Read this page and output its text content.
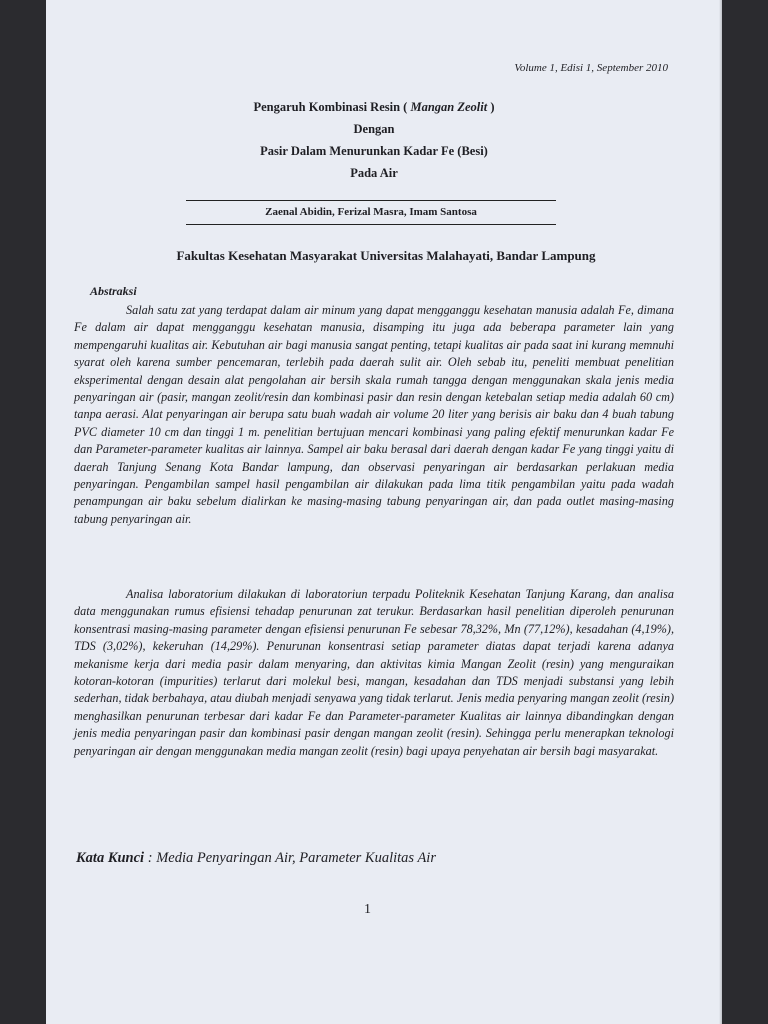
Volume 1, Edisi 1, September 2010
Pengaruh Kombinasi Resin ( Mangan Zeolit )
Dengan
Pasir Dalam Menurunkan Kadar Fe (Besi)
Pada Air
Zaenal Abidin, Ferizal Masra, Imam Santosa
Fakultas Kesehatan Masyarakat Universitas Malahayati, Bandar Lampung
Abstraksi
Salah satu zat yang terdapat dalam air minum yang dapat mengganggu kesehatan manusia adalah Fe, dimana Fe dalam air dapat mengganggu kesehatan manusia, disamping itu juga ada beberapa parameter lain yang mempengaruhi kualitas air. Kebutuhan air bagi manusia sangat penting, tetapi kualitas air pada saat ini kurang memnuhi syarat oleh karena sumber pencemaran, terlebih pada daerah sulit air. Oleh sebab itu, peneliti membuat penelitian eksperimental dengan desain alat pengolahan air bersih skala rumah tangga dengan menggunakan skala jenis media penyaringan air (pasir, mangan zeolit/resin dan kombinasi pasir dan resin dengan ketebalan setiap media adalah 60 cm) tanpa aerasi. Alat penyaringan air berupa satu buah wadah air volume 20 liter yang berisis air baku dan 4 buah tabung PVC diameter 10 cm dan tinggi 1 m. penelitian bertujuan mencari kombinasi yang paling efektif menurunkan kadar Fe dan Parameter-parameter kualitas air lainnya. Sampel air baku berasal dari daerah dengan kadar Fe yang tinggi yaitu di daerah Tanjung Senang Kota Bandar lampung, dan observasi penyaringan air berdasarkan perlakuan media penyaringan. Pengambilan sampel hasil pengambilan air dilakukan pada lima titik pengambilan yaitu pada wadah penampungan air baku sebelum dialirkan ke masing-masing tabung penyaringan air, dan pada outlet masing-masing tabung penyaringan air.
Analisa laboratorium dilakukan di laboratoriun terpadu Politeknik Kesehatan Tanjung Karang, dan analisa data menggunakan rumus efisiensi tehadap penurunan zat terukur. Berdasarkan hasil penelitian diperoleh penurunan konsentrasi masing-masing parameter dengan efisiensi penurunan Fe sebesar 78,32%, Mn (77,12%), kesadahan (4,19%), TDS (3,02%), kekeruhan (14,29%). Penurunan konsentrasi setiap parameter diatas dapat terjadi karena adanya mekanisme kerja dari media pasir dalam menyaring, dan aktivitas kimia Mangan Zeolit (resin) yang menguraikan kotoran-kotoran (impurities) terlarut dari molekul besi, mangan, kesadahan dan TDS menjadi substansi yang lebih sederhan, tidak berbahaya, atau diubah menjadi senyawa yang tidak terlarut. Jenis media penyaring mangan zeolit (resin) menghasilkan penurunan terbesar dari kadar Fe dan Parameter-parameter Kualitas air lainnya dibandingkan dengan jenis media penyaringan pasir dan kombinasi pasir dengan mangan zeolit (resin). Sehingga perlu menerapkan teknologi penyaringan air dengan menggunakan media mangan zeolit (resin) bagi upaya penyehatan air bersih bagi masyarakat.
Kata Kunci : Media Penyaringan Air, Parameter Kualitas Air
1
